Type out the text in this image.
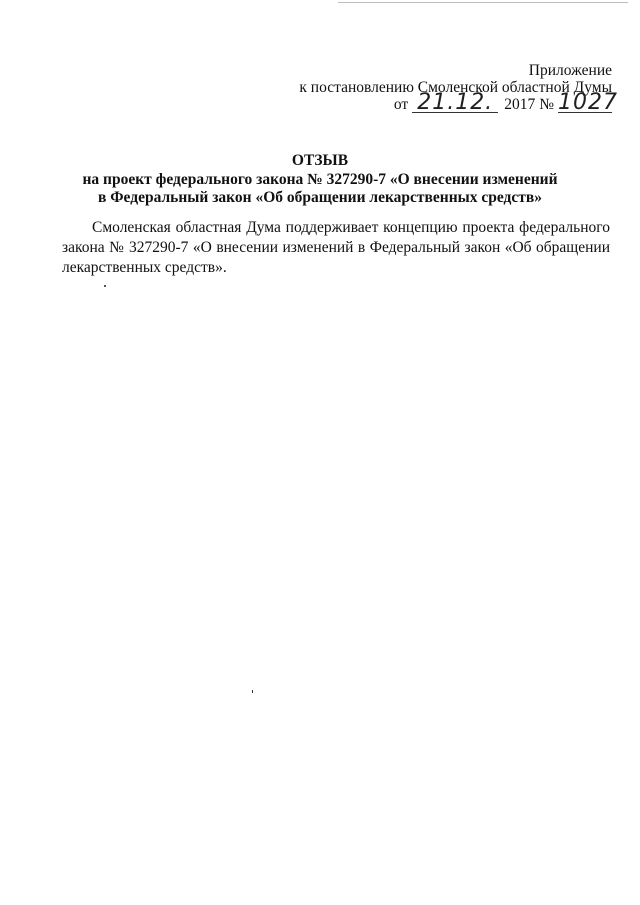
Приложение
к постановлению Смоленской областной Думы
от 21.12. 2017 № 1027
ОТЗЫВ
на проект федерального закона № 327290-7 «О внесении изменений
в Федеральный закон «Об обращении лекарственных средств»
Смоленская областная Дума поддерживает концепцию проекта федерального закона № 327290-7 «О внесении изменений в Федеральный закон «Об обращении лекарственных средств».
